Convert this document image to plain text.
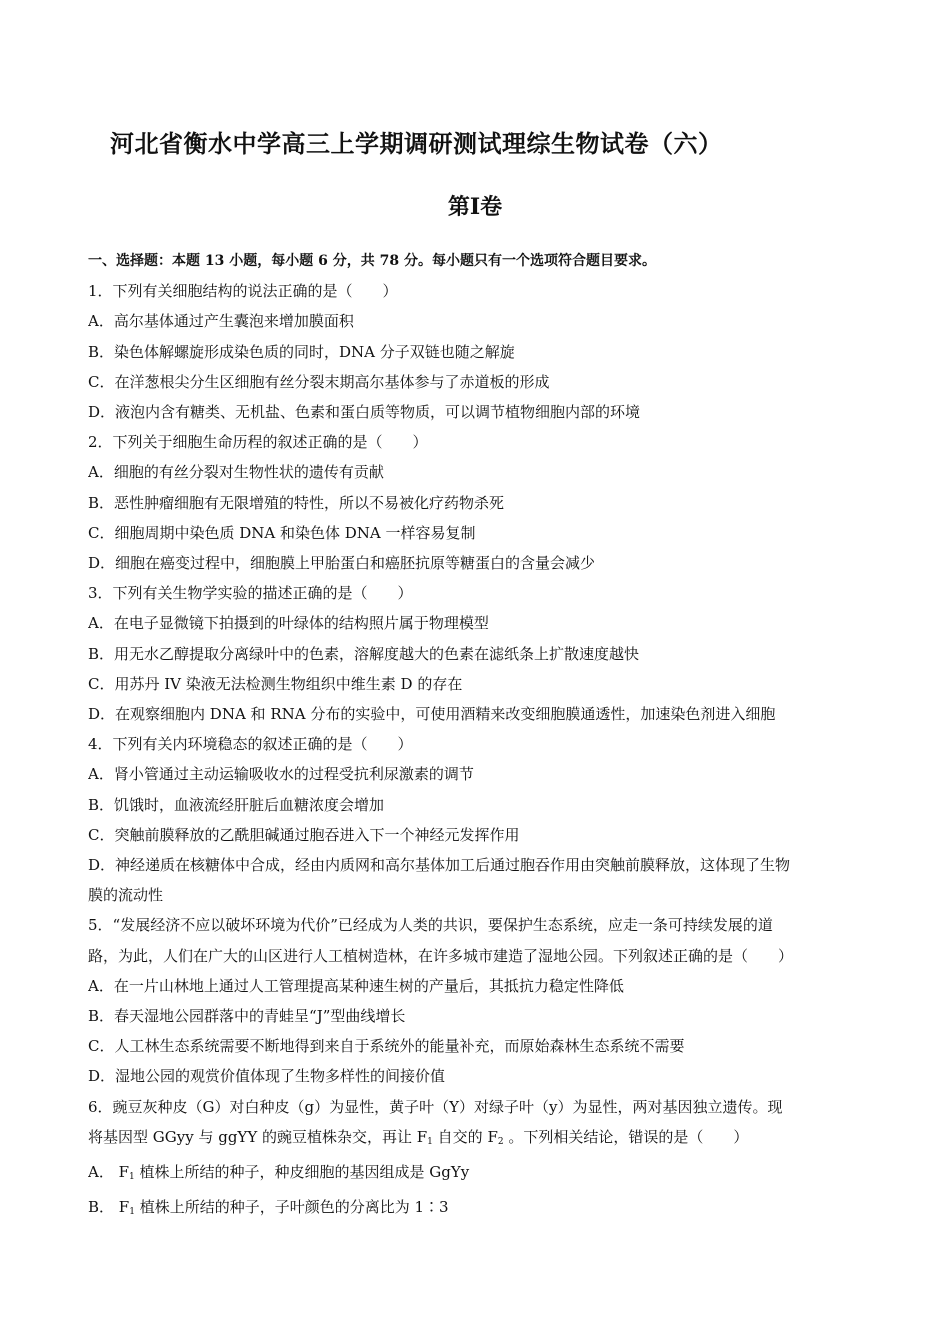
河北省衡水中学高三上学期调研测试理综生物试卷（六）
第Ⅰ卷
一、选择题：本题 13 小题，每小题 6 分，共 78 分。每小题只有一个选项符合题目要求。
1．下列有关细胞结构的说法正确的是（　　）
A．高尔基体通过产生囊泡来增加膜面积
B．染色体解螺旋形成染色质的同时，DNA 分子双链也随之解旋
C．在洋葱根尖分生区细胞有丝分裂末期高尔基体参与了赤道板的形成
D．液泡内含有糖类、无机盐、色素和蛋白质等物质，可以调节植物细胞内部的环境
2．下列关于细胞生命历程的叙述正确的是（　　）
A．细胞的有丝分裂对生物性状的遗传有贡献
B．恶性肿瘤细胞有无限增殖的特性，所以不易被化疗药物杀死
C．细胞周期中染色质 DNA 和染色体 DNA 一样容易复制
D．细胞在癌变过程中，细胞膜上甲胎蛋白和癌胚抗原等糖蛋白的含量会减少
3．下列有关生物学实验的描述正确的是（　　）
A．在电子显微镜下拍摄到的叶绿体的结构照片属于物理模型
B．用无水乙醇提取分离绿叶中的色素，溶解度越大的色素在滤纸条上扩散速度越快
C．用苏丹 IV 染液无法检测生物组织中维生素 D 的存在
D．在观察细胞内 DNA 和 RNA 分布的实验中，可使用酒精来改变细胞膜通透性，加速染色剂进入细胞
4．下列有关内环境稳态的叙述正确的是（　　）
A．肾小管通过主动运输吸收水的过程受抗利尿激素的调节
B．饥饿时，血液流经肝脏后血糖浓度会增加
C．突触前膜释放的乙酰胆碱通过胞吞进入下一个神经元发挥作用
D．神经递质在核糖体中合成，经由内质网和高尔基体加工后通过胞吞作用由突触前膜释放，这体现了生物
膜的流动性
5．“发展经济不应以破坏环境为代价”已经成为人类的共识，要保护生态系统，应走一条可持续发展的道
路，为此，人们在广大的山区进行人工植树造林，在许多城市建造了湿地公园。下列叙述正确的是（　　）
A．在一片山林地上通过人工管理提高某种速生树的产量后，其抵抗力稳定性降低
B．春天湿地公园群落中的青蛙呈“J”型曲线增长
C．人工林生态系统需要不断地得到来自于系统外的能量补充，而原始森林生态系统不需要
D．湿地公园的观赏价值体现了生物多样性的间接价值
6．豌豆灰种皮（G）对白种皮（g）为显性，黄子叶（Y）对绿子叶（y）为显性，两对基因独立遗传。现
将基因型 GGyy 与 ggYY 的豌豆植株杂交，再让 $F_1$ 自交的 $F_2$ 。下列相关结论，错误的是（　　）
A． $F_1$ 植株上所结的种子，种皮细胞的基因组成是 GgYy
B． $F_1$ 植株上所结的种子，子叶颜色的分离比为 1∶3
